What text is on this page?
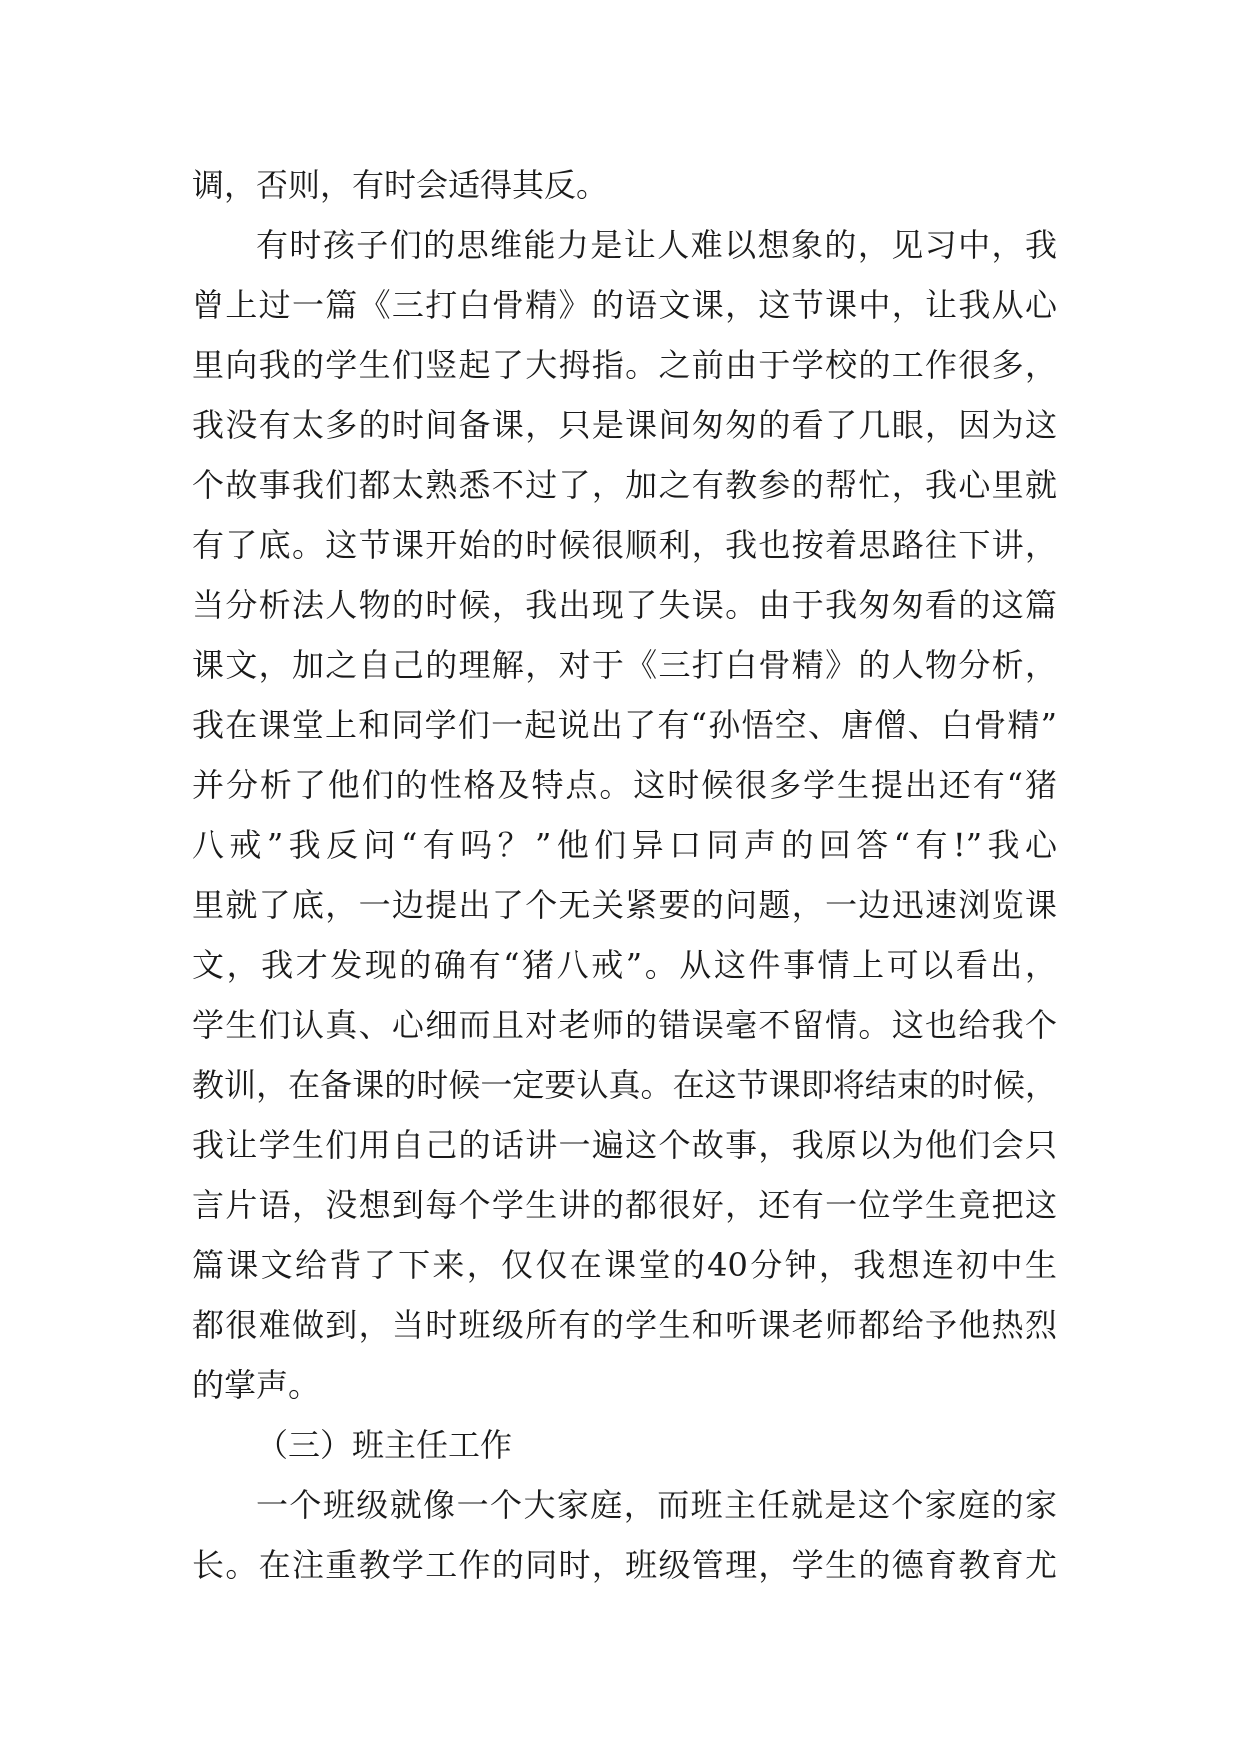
调，否则，有时会适得其反。
有时孩子们的思维能力是让人难以想象的，见习中，我
曾上过一篇《三打白骨精》的语文课，这节课中，让我从心
里向我的学生们竖起了大拇指。之前由于学校的工作很多，
我没有太多的时间备课，只是课间匆匆的看了几眼，因为这
个故事我们都太熟悉不过了，加之有教参的帮忙，我心里就
有了底。这节课开始的时候很顺利，我也按着思路往下讲，
当分析法人物的时候，我出现了失误。由于我匆匆看的这篇
课文，加之自己的理解，对于《三打白骨精》的人物分析，
我在课堂上和同学们一起说出了有“孙悟空、唐僧、白骨精”
并分析了他们的性格及特点。这时候很多学生提出还有“猪
八戒”我反问“有吗？”他们异口同声的回答“有!”我心
里就了底，一边提出了个无关紧要的问题，一边迅速浏览课
文，我才发现的确有“猪八戒”。从这件事情上可以看出，
学生们认真、心细而且对老师的错误毫不留情。这也给我个
教训，在备课的时候一定要认真。在这节课即将结束的时候，
我让学生们用自己的话讲一遍这个故事，我原以为他们会只
言片语，没想到每个学生讲的都很好，还有一位学生竟把这
篇课文给背了下来，仅仅在课堂的40分钟，我想连初中生
都很难做到，当时班级所有的学生和听课老师都给予他热烈
的掌声。
（三）班主任工作
一个班级就像一个大家庭，而班主任就是这个家庭的家
长。在注重教学工作的同时，班级管理，学生的德育教育尤
